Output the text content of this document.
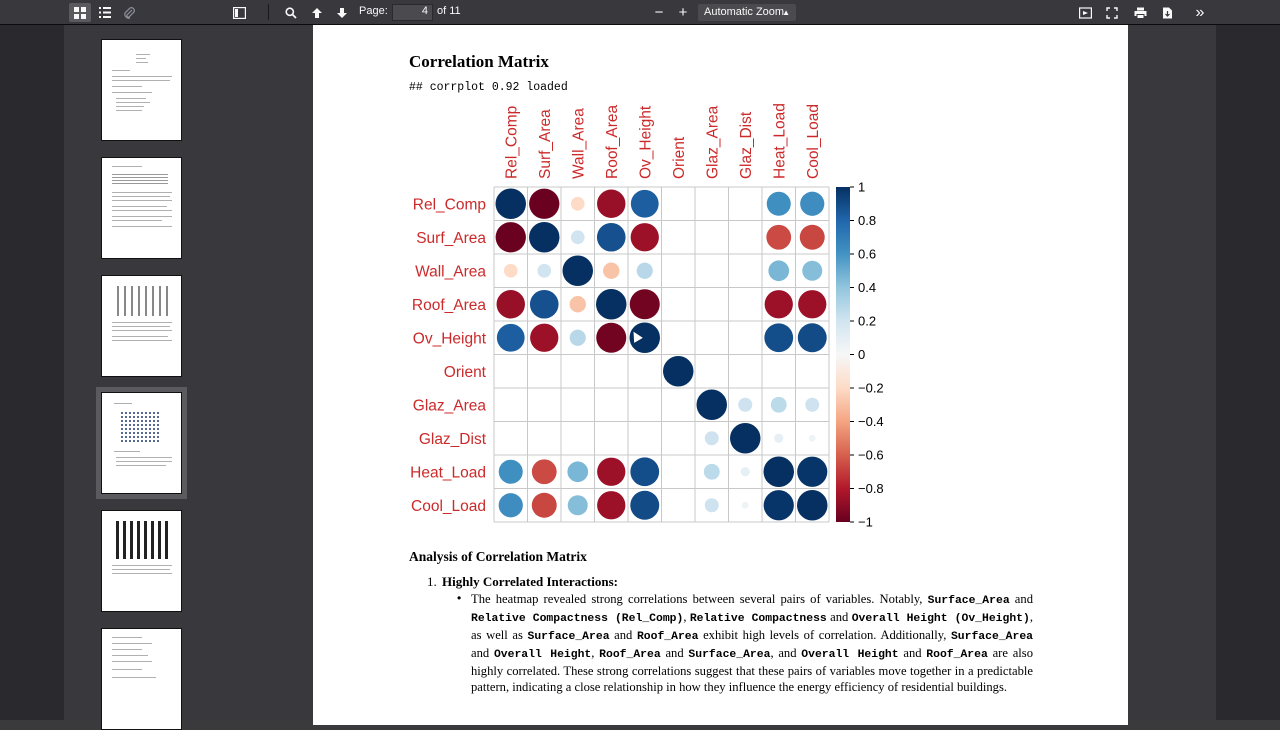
Page:	4 of 11	−	+	Automatic Zoom
▲	»
Correlation Matrix
## corrplot 0.92 loaded
Rel_Comp
Surf_Area
Wall_Area
Roof_Area
Ov_Height
Orient
Glaz_Area
Glaz_Dist
Heat_Load
Cool_Load
Rel_Comp Surf_Area Wall_Area Roof_Area Ov_Height Orient Glaz_Area Glaz_Dist Heat_Load Cool_Load
1
0.8
0.6
0.4
0.2
0
−0.2
−0.4
−0.6
−0.8
−1
Analysis of Correlation Matrix
1. Highly Correlated Interactions:
• The heatmap revealed strong correlations between several pairs of variables. Notably, Surface_Area and Relative Compactness (Rel_Comp), Relative Compactness and Overall Height (Ov_Height), as well as Surface_Area and Roof_Area exhibit high levels of correlation. Additionally, Surface_Area and Overall Height, Roof_Area and Surface_Area, and Overall Height and Roof_Area are also highly correlated. These strong correlations suggest that these pairs of variables move together in a predictable pattern, indicating a close relationship in how they influence the energy efficiency of residential buildings.
